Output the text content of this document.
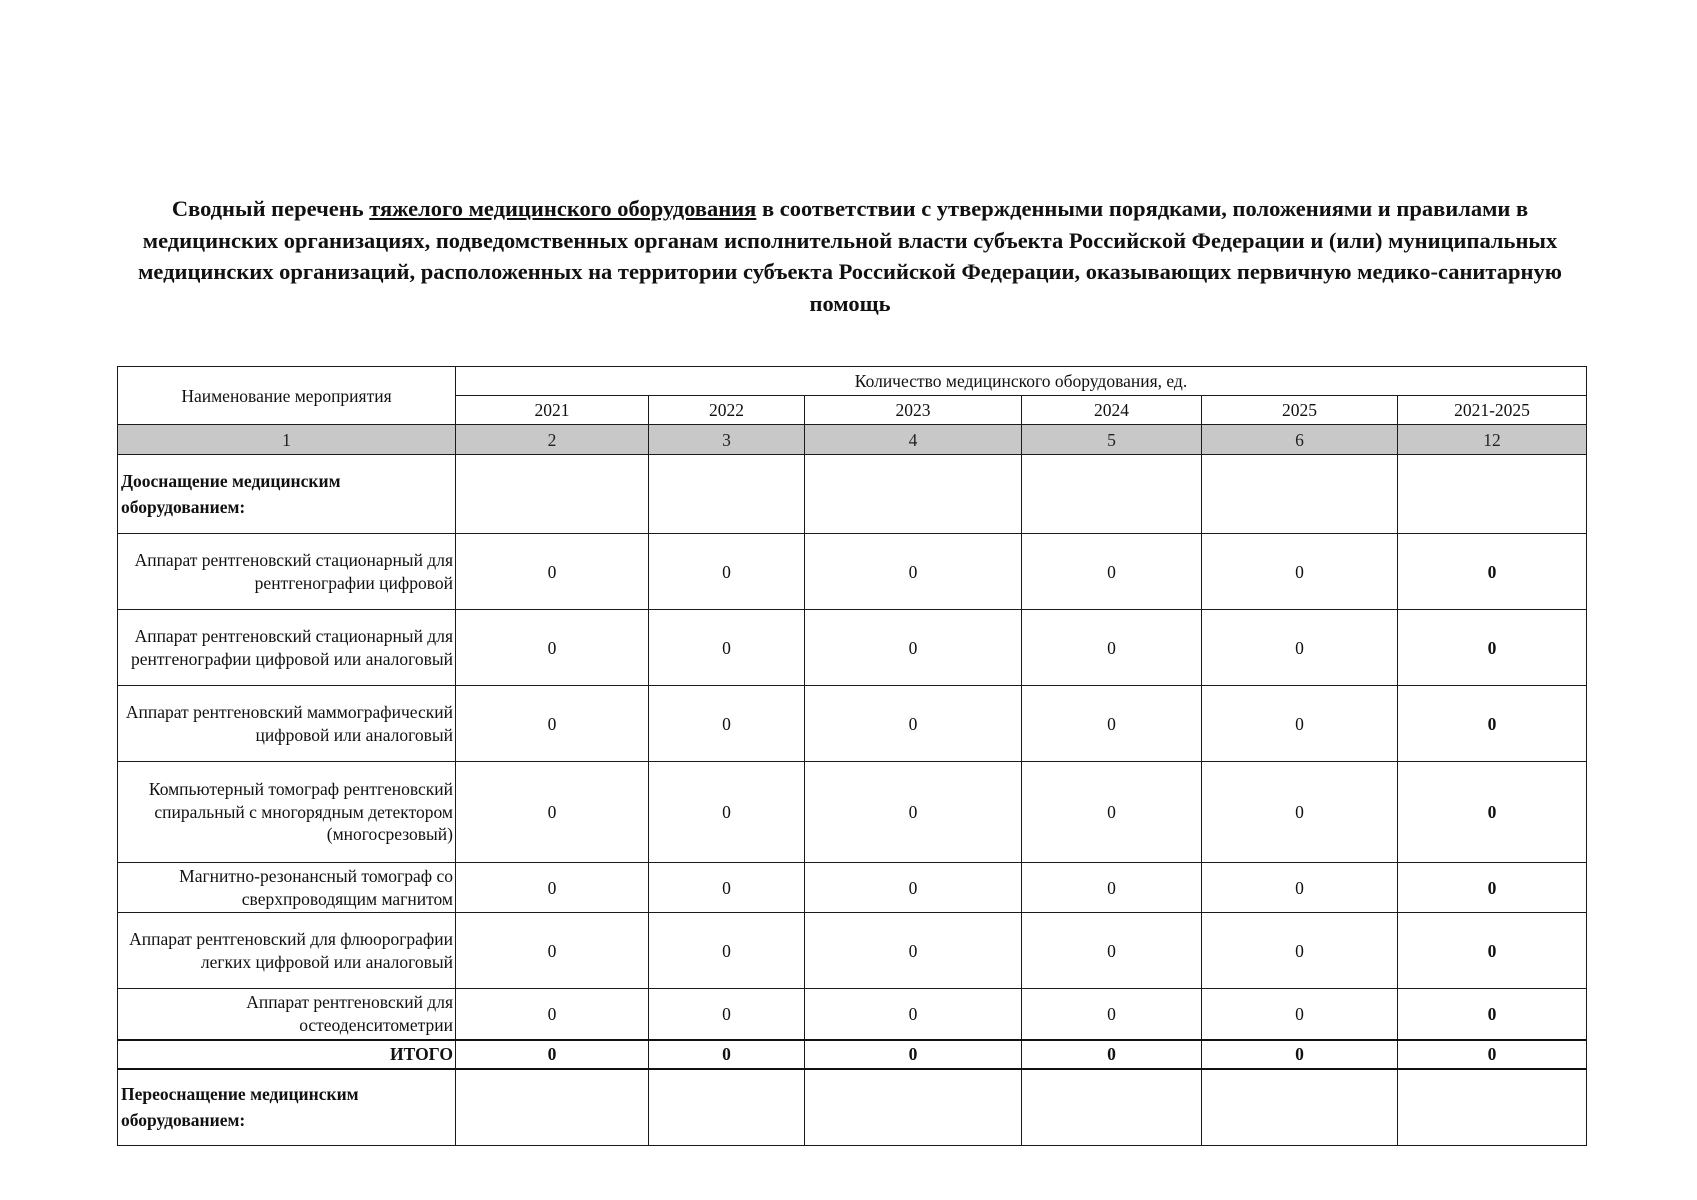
Сводный перечень тяжелого медицинского оборудования в соответствии с утвержденными порядками, положениями и правилами в медицинских организациях, подведомственных органам исполнительной власти субъекта Российской Федерации и (или) муниципальных медицинских организаций, расположенных на территории субъекта Российской Федерации, оказывающих первичную медико-санитарную помощь
Наименование мероприятия	Количество медицинского оборудования, ед.					
	2021	2022	2023	2024	2025	2021-2025
1	2	3	4	5	6	12
Дооснащение медицинским оборудованием:						
Аппарат рентгеновский стационарный для рентгенографии цифровой	0	0	0	0	0	0
Аппарат рентгеновский стационарный для рентгенографии цифровой или аналоговый	0	0	0	0	0	0
Аппарат рентгеновский маммографический цифровой или аналоговый	0	0	0	0	0	0
Компьютерный томограф рентгеновский спиральный с многорядным детектором (многосрезовый)	0	0	0	0	0	0
Магнитно-резонансный томограф со сверхпроводящим магнитом	0	0	0	0	0	0
Аппарат рентгеновский для флюорографии легких цифровой или аналоговый	0	0	0	0	0	0
Аппарат рентгеновский для остеоденситометрии	0	0	0	0	0	0
ИТОГО	0	0	0	0	0	0
Переоснащение медицинским оборудованием:						
